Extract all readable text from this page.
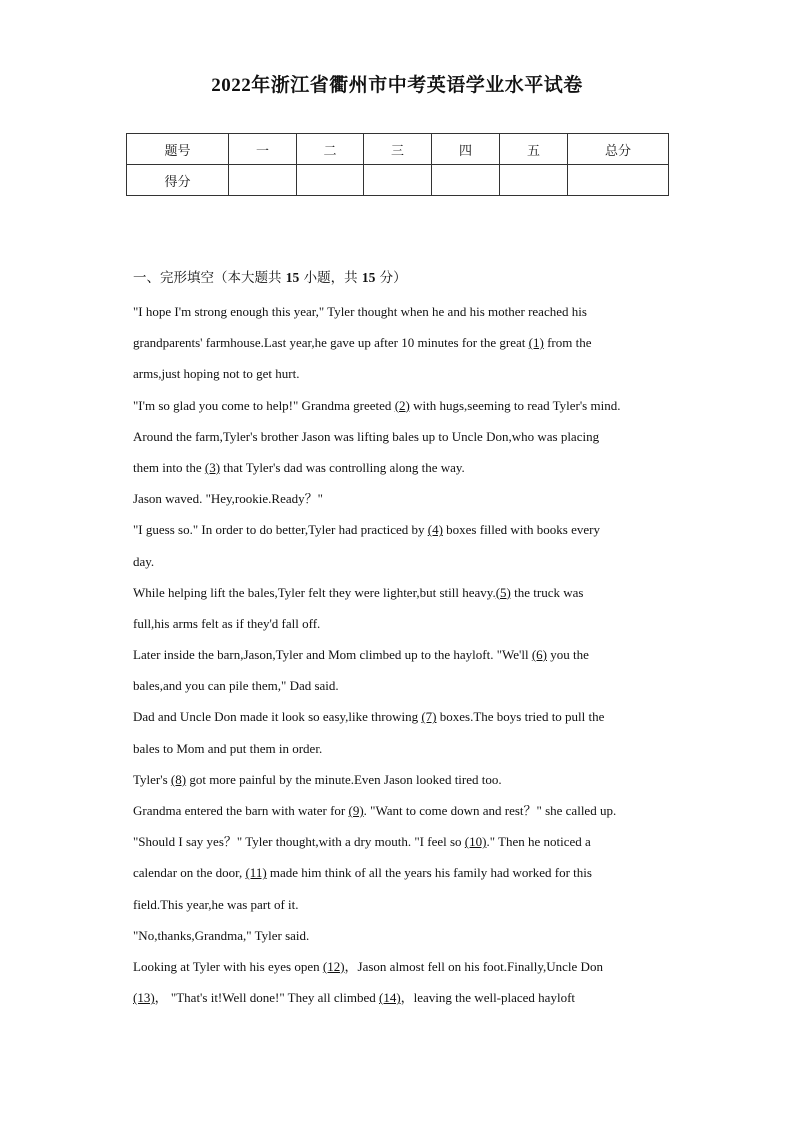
2022年浙江省衢州市中考英语学业水平试卷
题号	一	二	三	四	五	总分
得分						
一、完形填空（本大题共 15 小题，共 15 分）
"I hope I'm strong enough this year," Tyler thought when he and his mother reached his
grandparents' farmhouse.Last year,he gave up after 10 minutes for the great (1) from the
arms,just hoping not to get hurt.
"I'm so glad you come to help!" Grandma greeted (2) with hugs,seeming to read Tyler's mind.
Around the farm,Tyler's brother Jason was lifting bales up to Uncle Don,who was placing
them into the (3) that Tyler's dad was controlling along the way.
Jason waved. "Hey,rookie.Ready？"
"I guess so." In order to do better,Tyler had practiced by (4) boxes filled with books every
day.
While helping lift the bales,Tyler felt they were lighter,but still heavy.(5) the truck was
full,his arms felt as if they'd fall off.
Later inside the barn,Jason,Tyler and Mom climbed up to the hayloft. "We'll (6) you the
bales,and you can pile them," Dad said.
Dad and Uncle Don made it look so easy,like throwing (7) boxes.The boys tried to pull the
bales to Mom and put them in order.
Tyler's (8) got more painful by the minute.Even Jason looked tired too.
Grandma entered the barn with water for (9). "Want to come down and rest？" she called up.
"Should I say yes？" Tyler thought,with a dry mouth. "I feel so (10)." Then he noticed a
calendar on the door, (11) made him think of all the years his family had worked for this
field.This year,he was part of it.
"No,thanks,Grandma," Tyler said.
Looking at Tyler with his eyes open (12)，Jason almost fell on his foot.Finally,Uncle Don
(13)， "That's it!Well done!" They all climbed (14)，leaving the well-placed hayloft
